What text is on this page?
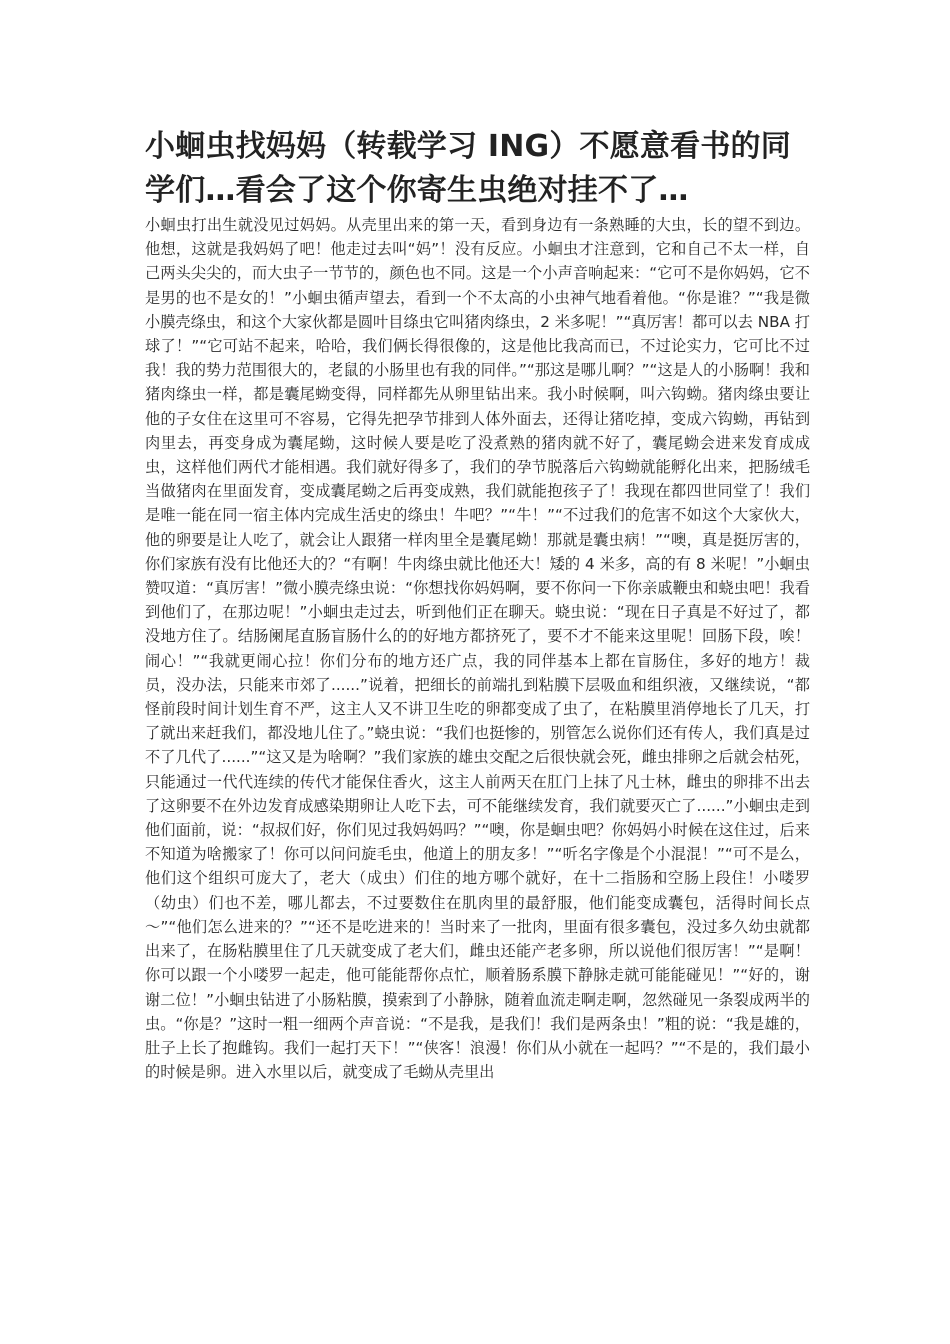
小蛔虫找妈妈（转载学习 ING）不愿意看书的同学们…看会了这个你寄生虫绝对挂不了…

小蛔虫打出生就没见过妈妈。从壳里出来的第一天，看到身边有一条熟睡的大虫，长的望不到边。他想，这就是我妈妈了吧！他走过去叫“妈”！没有反应。小蛔虫才注意到，它和自己不太一样，自己两头尖尖的，而大虫子一节节的，颜色也不同。这是一个小声音响起来：“它可不是你妈妈，它不是男的也不是女的！”小蛔虫循声望去，看到一个不太高的小虫神气地看着他。“你是谁？”“我是微小膜壳绦虫，和这个大家伙都是圆叶目绦虫它叫猪肉绦虫，2 米多呢！”“真厉害！都可以去 NBA 打球了！”“它可站不起来，哈哈，我们俩长得很像的，这是他比我高而已，不过论实力，它可比不过我！我的势力范围很大的，老鼠的小肠里也有我的同伴。”“那这是哪儿啊？”“这是人的小肠啊！我和猪肉绦虫一样，都是囊尾蚴变得，同样都先从卵里钻出来。我小时候啊，叫六钩蚴。猪肉绦虫要让他的子女住在这里可不容易，它得先把孕节排到人体外面去，还得让猪吃掉，变成六钩蚴，再钻到肉里去，再变身成为囊尾蚴，这时候人要是吃了没煮熟的猪肉就不好了，囊尾蚴会进来发育成成虫，这样他们两代才能相遇。我们就好得多了，我们的孕节脱落后六钩蚴就能孵化出来，把肠绒毛当做猪肉在里面发育，变成囊尾蚴之后再变成熟，我们就能抱孩子了！我现在都四世同堂了！我们是唯一能在同一宿主体内完成生活史的绦虫！牛吧？”“牛！”“不过我们的危害不如这个大家伙大，他的卵要是让人吃了，就会让人跟猪一样肉里全是囊尾蚴！那就是囊虫病！”“噢，真是挺厉害的，你们家族有没有比他还大的？“有啊！牛肉绦虫就比他还大！矮的 4 米多，高的有 8 米呢！”小蛔虫赞叹道：“真厉害！”微小膜壳绦虫说：“你想找你妈妈啊，要不你问一下你亲戚鞭虫和蛲虫吧！我看到他们了，在那边呢！”小蛔虫走过去，听到他们正在聊天。蛲虫说：“现在日子真是不好过了，都没地方住了。结肠阑尾直肠盲肠什么的的好地方都挤死了，要不才不能来这里呢！回肠下段，唉！闹心！”“我就更闹心拉！你们分布的地方还广点，我的同伴基本上都在盲肠住，多好的地方！裁员，没办法，只能来市郊了......”说着，把细长的前端扎到粘膜下层吸血和组织液，又继续说，“都怪前段时间计划生育不严，这主人又不讲卫生吃的卵都变成了虫了，在粘膜里消停地长了几天，打了就出来赶我们，都没地儿住了。”蛲虫说：“我们也挺惨的，别管怎么说你们还有传人，我们真是过不了几代了......”“这又是为啥啊？”我们家族的雄虫交配之后很快就会死，雌虫排卵之后就会枯死，只能通过一代代连续的传代才能保住香火，这主人前两天在肛门上抹了凡士林，雌虫的卵排不出去了这卵要不在外边发育成感染期卵让人吃下去，可不能继续发育，我们就要灭亡了......”小蛔虫走到他们面前，说：“叔叔们好，你们见过我妈妈吗？”“噢，你是蛔虫吧？你妈妈小时候在这住过，后来不知道为啥搬家了！你可以问问旋毛虫，他道上的朋友多！”“听名字像是个小混混！”“可不是么，他们这个组织可庞大了，老大（成虫）们住的地方哪个就好，在十二指肠和空肠上段住！小喽罗（幼虫）们也不差，哪儿都去，不过要数住在肌肉里的最舒服，他们能变成囊包，活得时间长点～”“他们怎么进来的？”“还不是吃进来的！当时来了一批肉，里面有很多囊包，没过多久幼虫就都出来了，在肠粘膜里住了几天就变成了老大们，雌虫还能产老多卵，所以说他们很厉害！”“是啊！你可以跟一个小喽罗一起走，他可能能帮你点忙，顺着肠系膜下静脉走就可能能碰见！”“好的，谢谢二位！”小蛔虫钻进了小肠粘膜，摸索到了小静脉，随着血流走啊走啊，忽然碰见一条裂成两半的虫。“你是？”这时一粗一细两个声音说：“不是我，是我们！我们是两条虫！”粗的说：“我是雄的，肚子上长了抱雌钩。我们一起打天下！”“侠客！浪漫！你们从小就在一起吗？”“不是的，我们最小的时候是卵。进入水里以后，就变成了毛蚴从壳里出
